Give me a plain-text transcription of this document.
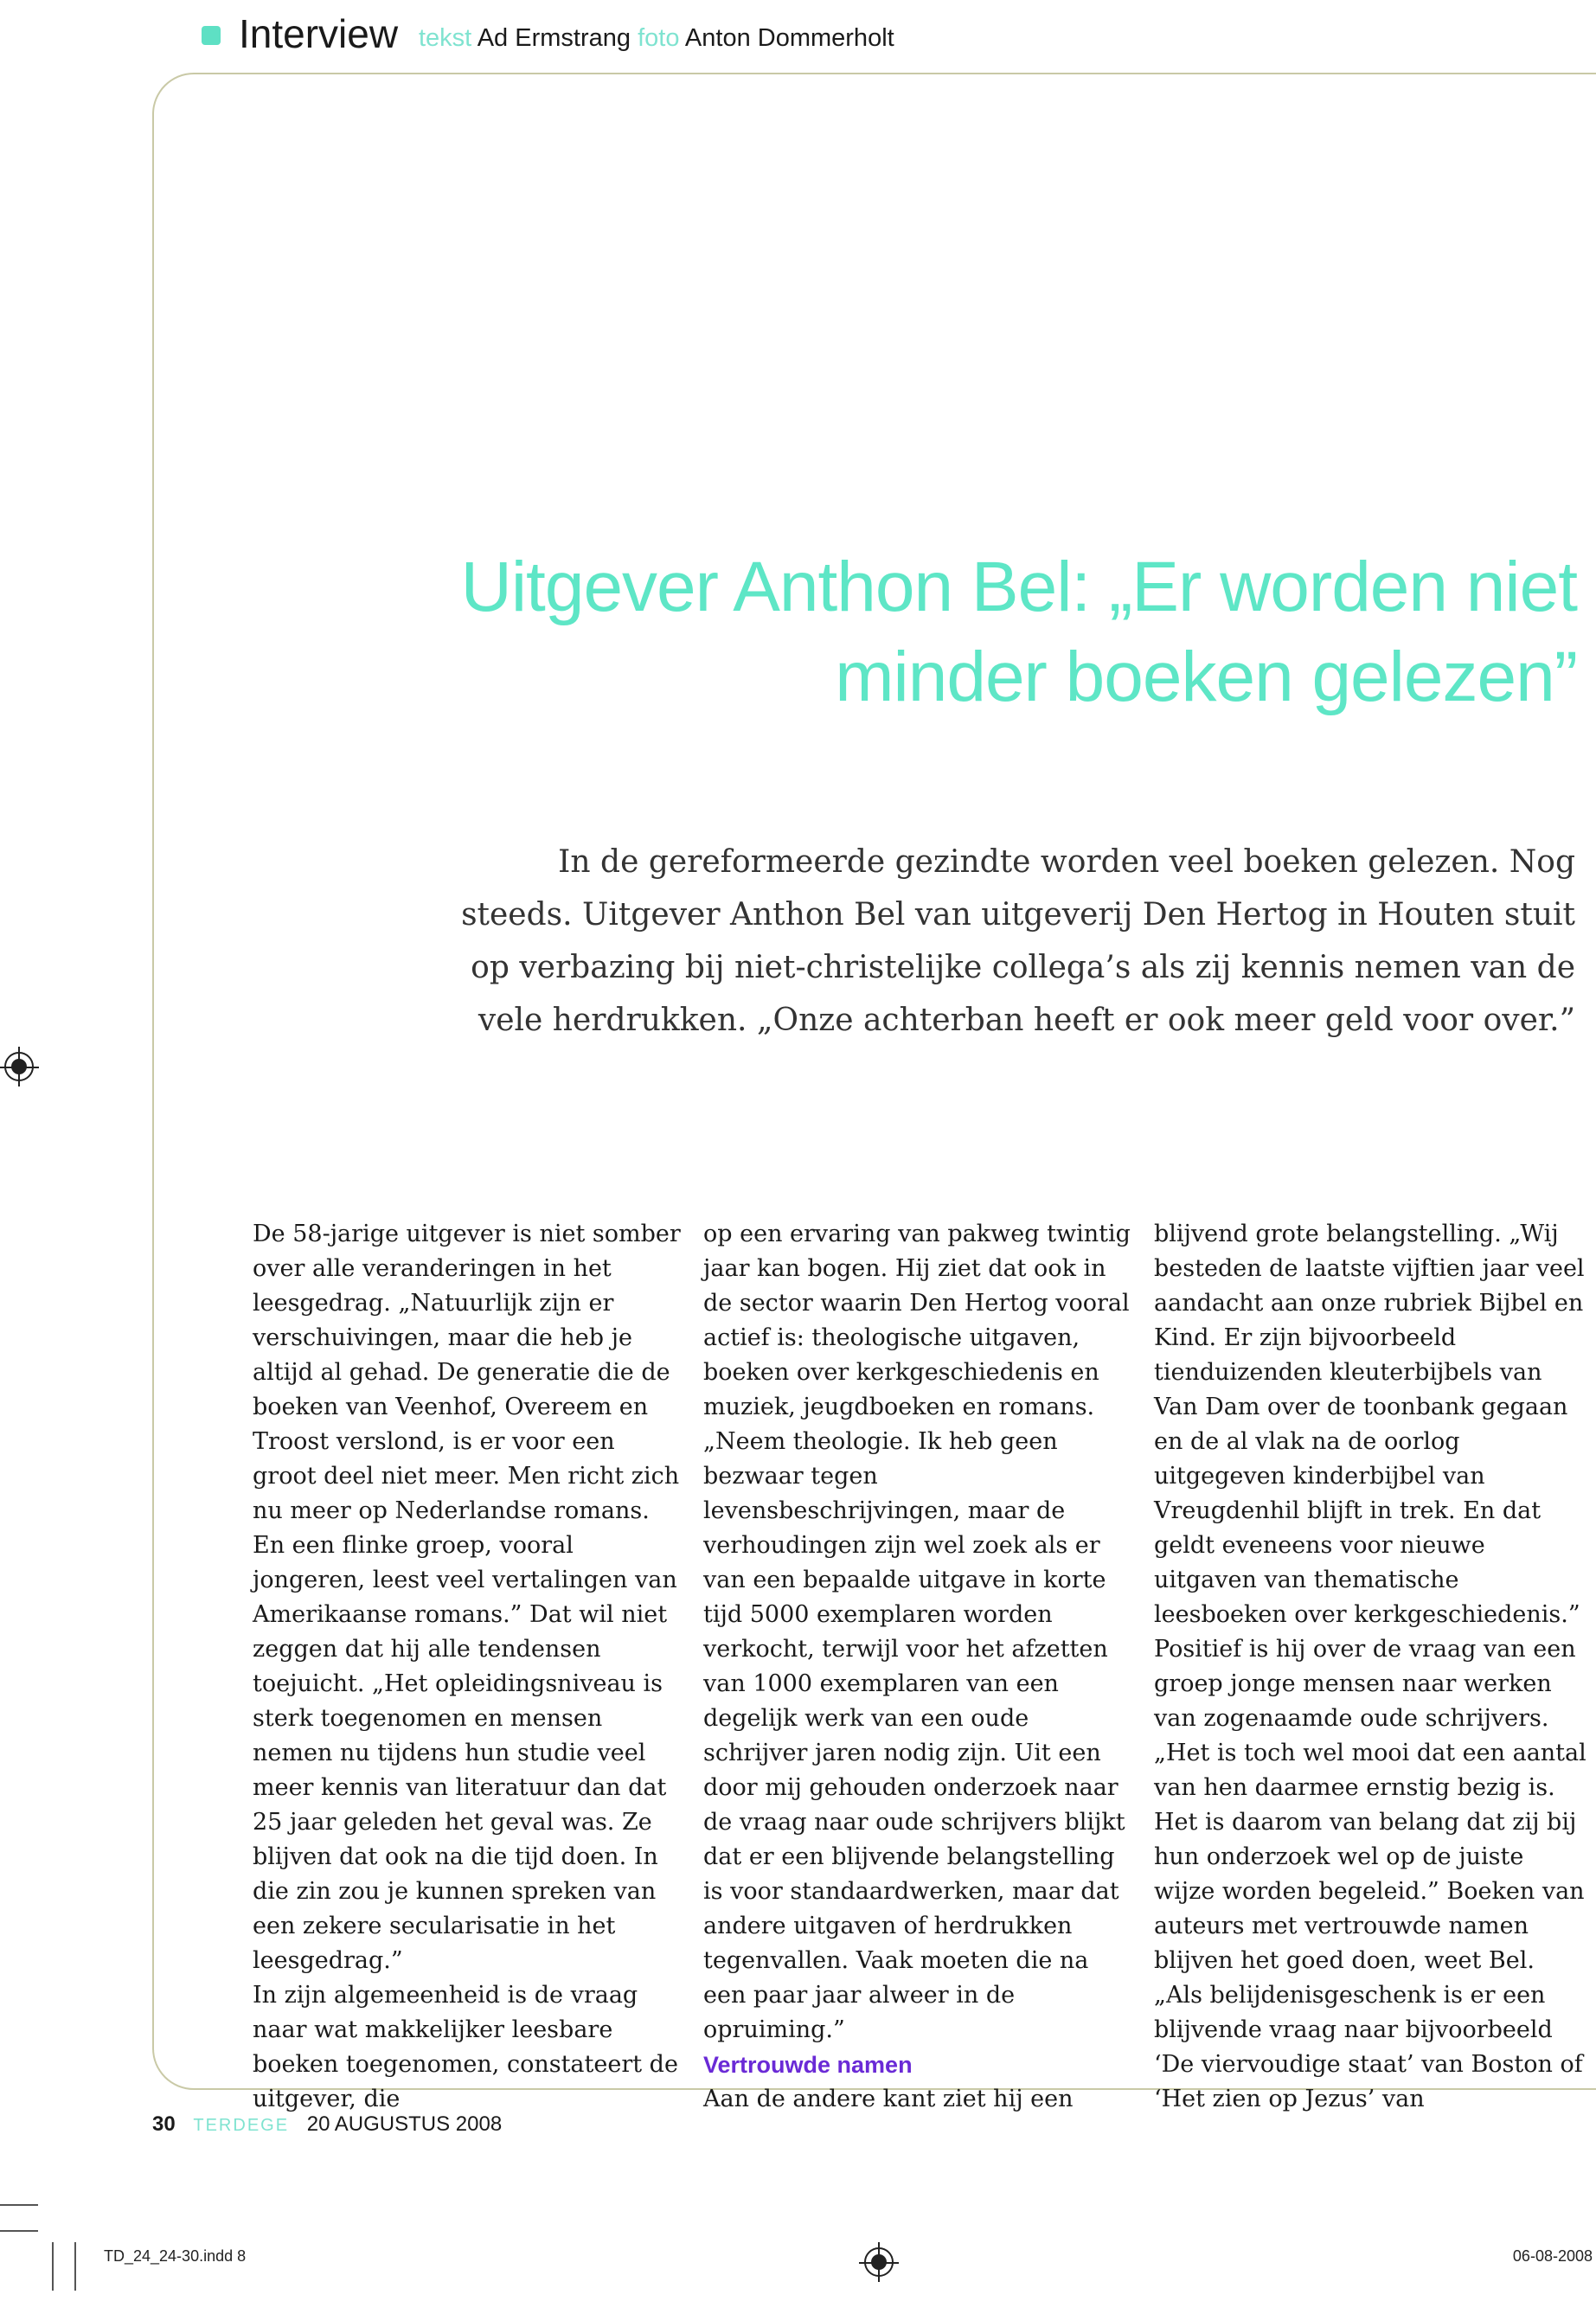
Interview tekst Ad Ermstrang foto Anton Dommerholt
Uitgever Anthon Bel: „Er worden niet
minder boeken gelezen”

In de gereformeerde gezindte worden veel boeken gelezen. Nog steeds. Uitgever Anthon Bel van uitgeverij Den Hertog in Houten stuit op verbazing bij niet-christelijke collega’s als zij kennis nemen van de vele herdrukken. „Onze achterban heeft er ook meer geld voor over.”

De 58-jarige uitgever is niet somber over alle veranderingen in het leesgedrag. „Natuurlijk zijn er verschuivingen, maar die heb je altijd al gehad. De generatie die de boeken van Veenhof, Overeem en Troost verslond, is er voor een groot deel niet meer. Men richt zich nu meer op Nederlandse romans. En een flinke groep, vooral jongeren, leest veel vertalingen van Amerikaanse romans.” Dat wil niet zeggen dat hij alle tendensen toejuicht. „Het opleidingsniveau is sterk toegenomen en mensen nemen nu tijdens hun studie veel meer kennis van literatuur dan dat 25 jaar geleden het geval was. Ze blijven dat ook na die tijd doen. In die zin zou je kunnen spreken van een zekere secularisatie in het leesgedrag.”

In zijn algemeenheid is de vraag naar wat makkelijker leesbare boeken toegenomen, constateert de uitgever, die

op een ervaring van pakweg twintig jaar kan bogen. Hij ziet dat ook in de sector waarin Den Hertog vooral actief is: theologische uitgaven, boeken over kerkgeschiedenis en muziek, jeugdboeken en romans. „Neem theologie. Ik heb geen bezwaar tegen levensbeschrijvingen, maar de verhoudingen zijn wel zoek als er van een bepaalde uitgave in korte tijd 5000 exemplaren worden verkocht, terwijl voor het afzetten van 1000 exemplaren van een degelijk werk van een oude schrijver jaren nodig zijn. Uit een door mij gehouden onderzoek naar de vraag naar oude schrijvers blijkt dat er een blijvende belangstelling is voor standaardwerken, maar dat andere uitgaven of herdrukken tegenvallen. Vaak moeten die na een paar jaar alweer in de opruiming.”

Vertrouwde namen

Aan de andere kant ziet hij een

blijvend grote belangstelling. „Wij besteden de laatste vijftien jaar veel aandacht aan onze rubriek Bijbel en Kind. Er zijn bijvoorbeeld tienduizenden kleuterbijbels van Van Dam over de toonbank gegaan en de al vlak na de oorlog uitgegeven kinderbijbel van Vreugdenhil blijft in trek. En dat geldt eveneens voor nieuwe uitgaven van thematische leesboeken over kerkgeschiedenis.”

Positief is hij over de vraag van een groep jonge mensen naar werken van zogenaamde oude schrijvers. „Het is toch wel mooi dat een aantal van hen daarmee ernstig bezig is. Het is daarom van belang dat zij bij hun onderzoek wel op de juiste wijze worden begeleid.” Boeken van auteurs met vertrouwde namen blijven het goed doen, weet Bel. „Als belijdenisgeschenk is er een blijvende vraag naar bijvoorbeeld ‘De viervoudige staat’ van Boston of ‘Het zien op Jezus’ van

30 TERDEGE 20 AUGUSTUS 2008
TD_24_24-30.indd 8	06-08-2008
